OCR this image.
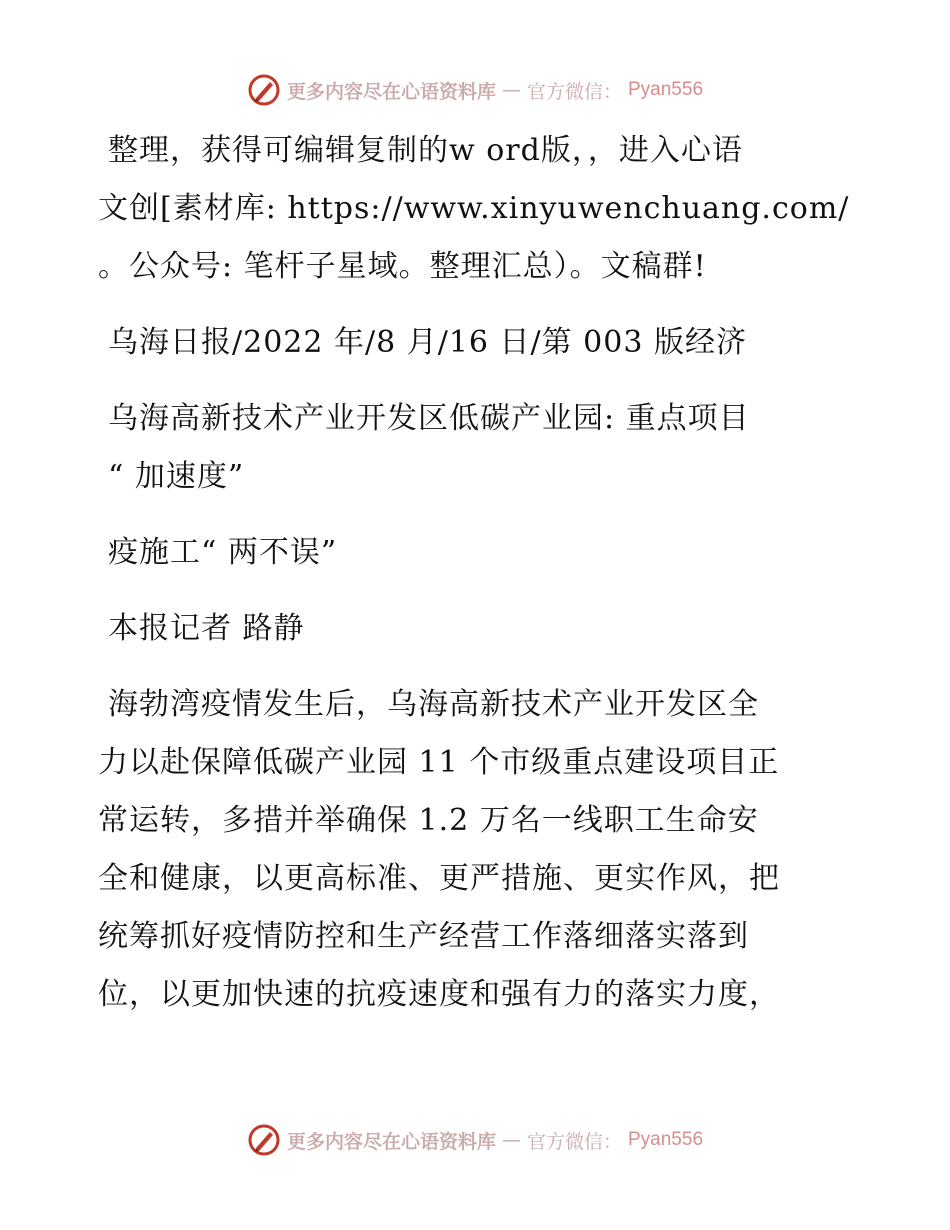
更多内容尽在心语资料库 — 官方微信： Pyan556
整理，获得可编辑复制的w ord版，，进入心语
文创[素材库: https://www.xinyuwenchuang.com/
。公众号: 笔杆子星域。整理汇总）。文稿群!
乌海日报/2022 年/8 月/16 日/第 003 版经济
乌海高新技术产业开发区低碳产业园: 重点项目
“ 加速度”
疫施工“ 两不误”
本报记者 路静
海勃湾疫情发生后，乌海高新技术产业开发区全
力以赴保障低碳产业园 11 个市级重点建设项目正
常运转，多措并举确保 1.2 万名一线职工生命安
全和健康，以更高标准、更严措施、更实作风，把
统筹抓好疫情防控和生产经营工作落细落实落到
位，以更加快速的抗疫速度和强有力的落实力度，
更多内容尽在心语资料库 — 官方微信： Pyan556
